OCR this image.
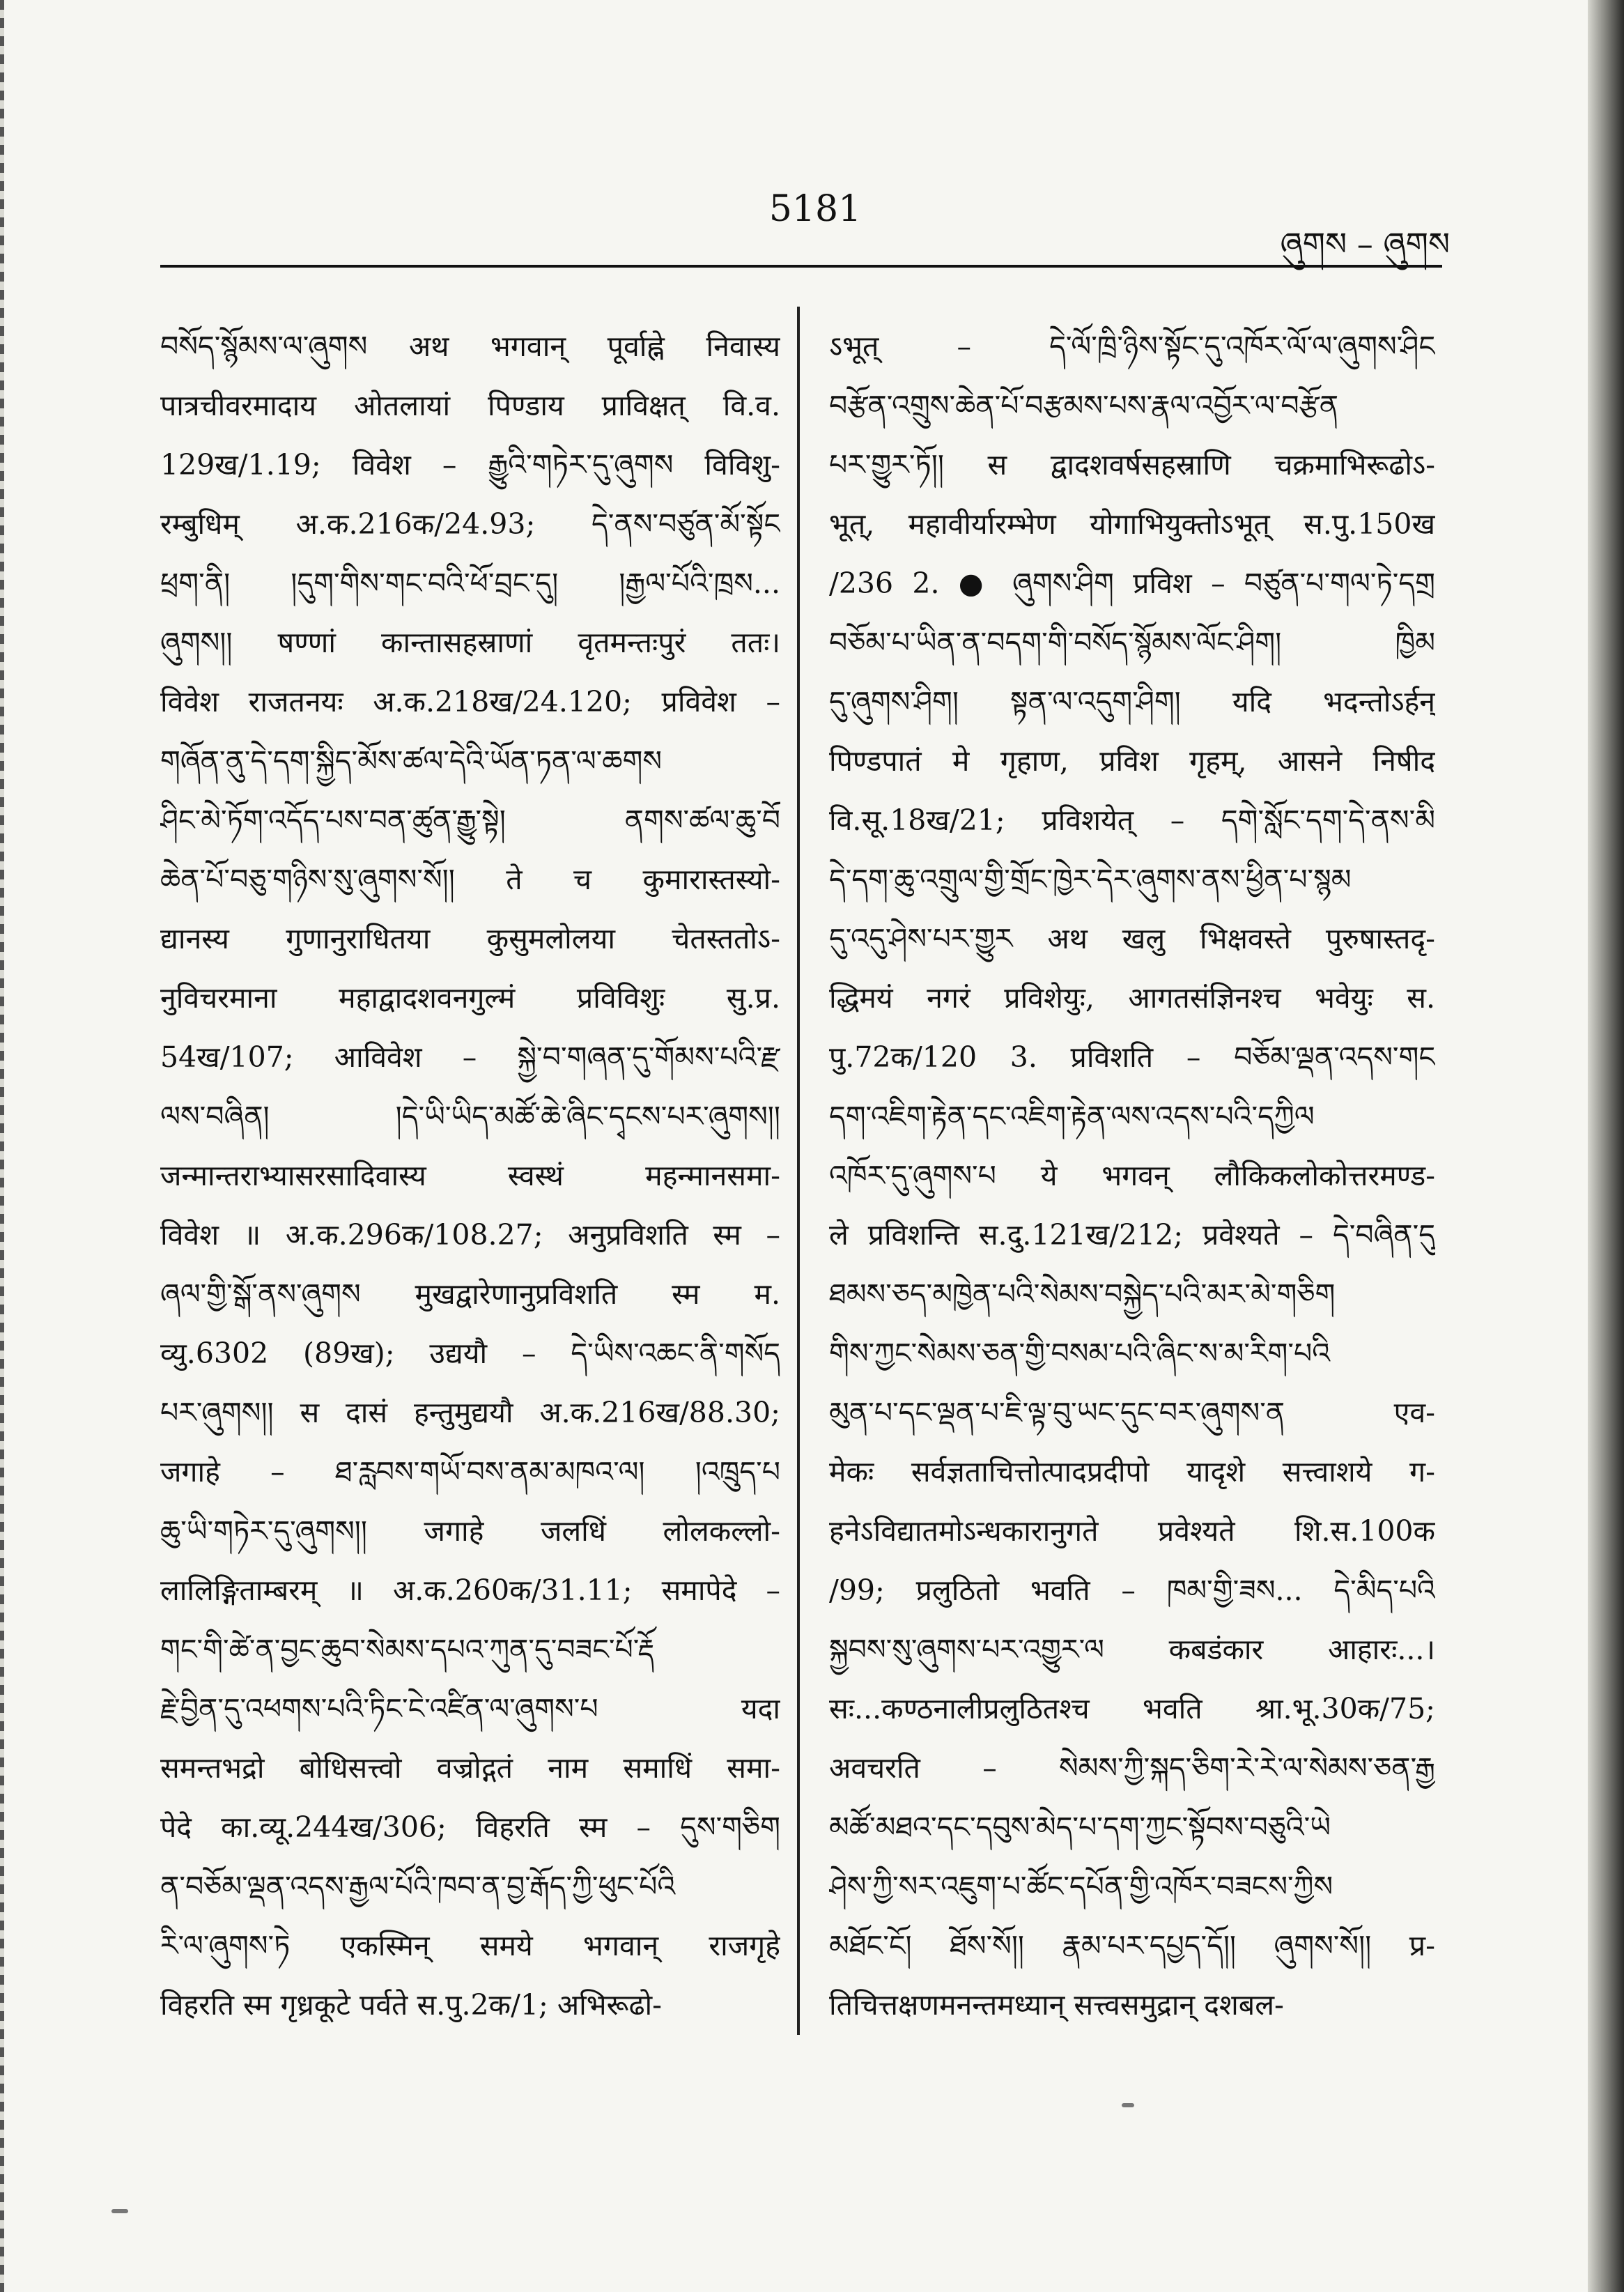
5181
ཞུགས – ཞུགས
བསོད་སྙོམས་ལ་ཞུགས अथ भगवान् पूर्वाह्ने निवास्य
पात्रचीवरमादाय ओतलायां पिण्डाय प्राविक्षत् वि.व.
129ख/1.19; विवेश – རྒྱུའི་གཏེར་དུ་ཞུགས विविशु-
रम्बुधिम् अ.क.216क/24.93; དེ་ནས་བཙུན་མོ་སྟོང
ཕྲག་ནི། །དུག་གིས་གང་བའི་ཕོ་བྲང་དུ། །རྒྱལ་པོའི་ཁྲས...
ཞུགས།། षण्णां कान्तासहस्राणां वृतमन्तःपुरं ततः।
विवेश राजतनयः अ.क.218ख/24.120; प्रविवेश –
གཞོན་ནུ་དེ་དག་སྐྱིད་མོས་ཚལ་དེའི་ཡོན་ཏན་ལ་ཆགས
ཤིང་མེ་ཏོག་འདོད་པས་བན་ཚུན་རྒྱུ་སྟེ། ནགས་ཚལ་ཆུ་བོ
ཆེན་པོ་བཅུ་གཉིས་སུ་ཞུགས་སོ།། ते च कुमारास्तस्यो-
द्यानस्य गुणानुराधितया कुसुमलोलया चेतस्ततोऽ-
नुविचरमाना महाद्वादशवनगुल्मं प्रविविशुः सु.प्र.
54ख/107; आविवेश – སྐྱེ་བ་གཞན་དུ་གོམས་པའི་རྫ
ལས་བཞིན། །དེ་ཡི་ཡིད་མཚོ་ཆེ་ཞིང་དྭངས་པར་ཞུགས།།
जन्मान्तराभ्यासरसादिवास्य स्वस्थं महन्मानसमा-
विवेश ॥ अ.क.296क/108.27; अनुप्रविशति स्म –
ཞལ་གྱི་སྒོ་ནས་ཞུགས मुखद्वारेणानुप्रविशति स्म म.
व्यु.6302 (89ख); उद्ययौ – དེ་ཡིས་འཆང་ནི་གསོད
པར་ཞུགས།། स दासं हन्तुमुद्ययौ अ.क.216ख/88.30;
जगाहे – ཐ་རླབས་གཡོ་བས་ནམ་མཁའ་ལ། །འཁྲུད་པ
ཆུ་ཡི་གཏེར་དུ་ཞུགས།། जगाहे जलधिं लोलकल्लो-
लालिङ्गिताम्बरम् ॥ अ.क.260क/31.11; समापेदे –
གང་གི་ཚེ་ན་བྱང་ཆུབ་སེམས་དཔའ་ཀུན་དུ་བཟང་པོ་རྡོ
རྗེ་བྱིན་དུ་འཕགས་པའི་ཏིང་ངེ་འཛིན་ལ་ཞུགས་པ यदा
समन्तभद्रो बोधिसत्त्वो वज्रोद्गतं नाम समाधिं समा-
पेदे का.व्यू.244ख/306; विहरति स्म – དུས་གཅིག
ན་བཅོམ་ལྡན་འདས་རྒྱལ་པོའི་ཁབ་ན་བྱ་རྒོད་ཀྱི་ཕུང་པོའི
རི་ལ་ཞུགས་ཏེ एकस्मिन् समये भगवान् राजगृहे
विहरति स्म गृध्रकूटे पर्वते स.पु.2क/1; अभिरूढो-
ऽभूत् – དེ་ལོ་ཁྲི་ཉིས་སྟོང་དུ་འཁོར་ལོ་ལ་ཞུགས་ཤིང
བརྩོན་འགྲུས་ཆེན་པོ་བརྩམས་པས་རྣལ་འབྱོར་ལ་བརྩོན
པར་གྱུར་ཏོ།། स द्वादशवर्षसहस्राणि चक्रमाभिरूढोऽ-
भूत्, महावीर्यारम्भेण योगाभियुक्तोऽभूत् स.पु.150ख
/236 2. ● ཞུགས་ཤིག प्रविश – བཙུན་པ་གལ་ཏེ་དགྲ
བཅོམ་པ་ཡིན་ན་བདག་གི་བསོད་སྙོམས་ལོང་ཤིག། ཁྱིམ
དུ་ཞུགས་ཤིག། སྟན་ལ་འདུག་ཤིག། यदि भदन्तोऽर्हन्
पिण्डपातं मे गृहाण, प्रविश गृहम्, आसने निषीद
वि.सू.18ख/21; प्रविशयेत् – དགེ་སློང་དག་དེ་ནས་མི
དེ་དག་ཆུ་འགྲུལ་གྱི་གྲོང་ཁྱེར་དེར་ཞུགས་ནས་ཕྱིན་པ་སྙམ
དུ་འདུ་ཤེས་པར་གྱུར अथ खलु भिक्षवस्ते पुरुषास्तदृ-
द्धिमयं नगरं प्रविशेयुः, आगतसंज्ञिनश्च भवेयुः स.
पु.72क/120 3. प्रविशति – བཅོམ་ལྡན་འདས་གང
དག་འཇིག་རྟེན་དང་འཇིག་རྟེན་ལས་འདས་པའི་དཀྱིལ
འཁོར་དུ་ཞུགས་པ ये भगवन् लौकिकलोकोत्तरमण्ड-
ले प्रविशन्ति स.दु.121ख/212; प्रवेश्यते – དེ་བཞིན་དུ
ཐམས་ཅད་མཁྱེན་པའི་སེམས་བསྐྱེད་པའི་མར་མེ་གཅིག
གིས་ཀྱང་སེམས་ཅན་གྱི་བསམ་པའི་ཞིང་ས་མ་རིག་པའི
མུན་པ་དང་ལྡན་པ་ཇི་ལྟ་བུ་ཡང་དུང་བར་ཞུགས་ན एव-
मेकः सर्वज्ञताचित्तोत्पादप्रदीपो यादृशे सत्त्वाशये ग-
हनेऽविद्यातमोऽन्धकारानुगते प्रवेश्यते शि.स.100क
/99; प्रलुठितो भवति – ཁམ་གྱི་ཟས... དེ་མིད་པའི
སྐྱབས་སུ་ཞུགས་པར་འགྱུར་ལ कबडंकार आहारः...।
सः...कण्ठनालीप्रलुठितश्च भवति श्रा.भू.30क/75;
अवचरति – སེམས་ཀྱི་སྐད་ཅིག་རེ་རེ་ལ་སེམས་ཅན་རྒྱ
མཚོ་མཐའ་དང་དབུས་མེད་པ་དག་ཀྱང་སྟོབས་བཅུའི་ཡེ
ཤེས་ཀྱི་སར་འཇུག་པ་ཚོང་དཔོན་གྱི་འཁོར་བཟངས་ཀྱིས
མཐོང་ངོ། ཐོས་སོ།། རྣམ་པར་དཔྱད་དོ།། ཞུགས་སོ།། प्र-
तिचित्तक्षणमनन्तमध्यान् सत्त्वसमुद्रान् दशबल-
